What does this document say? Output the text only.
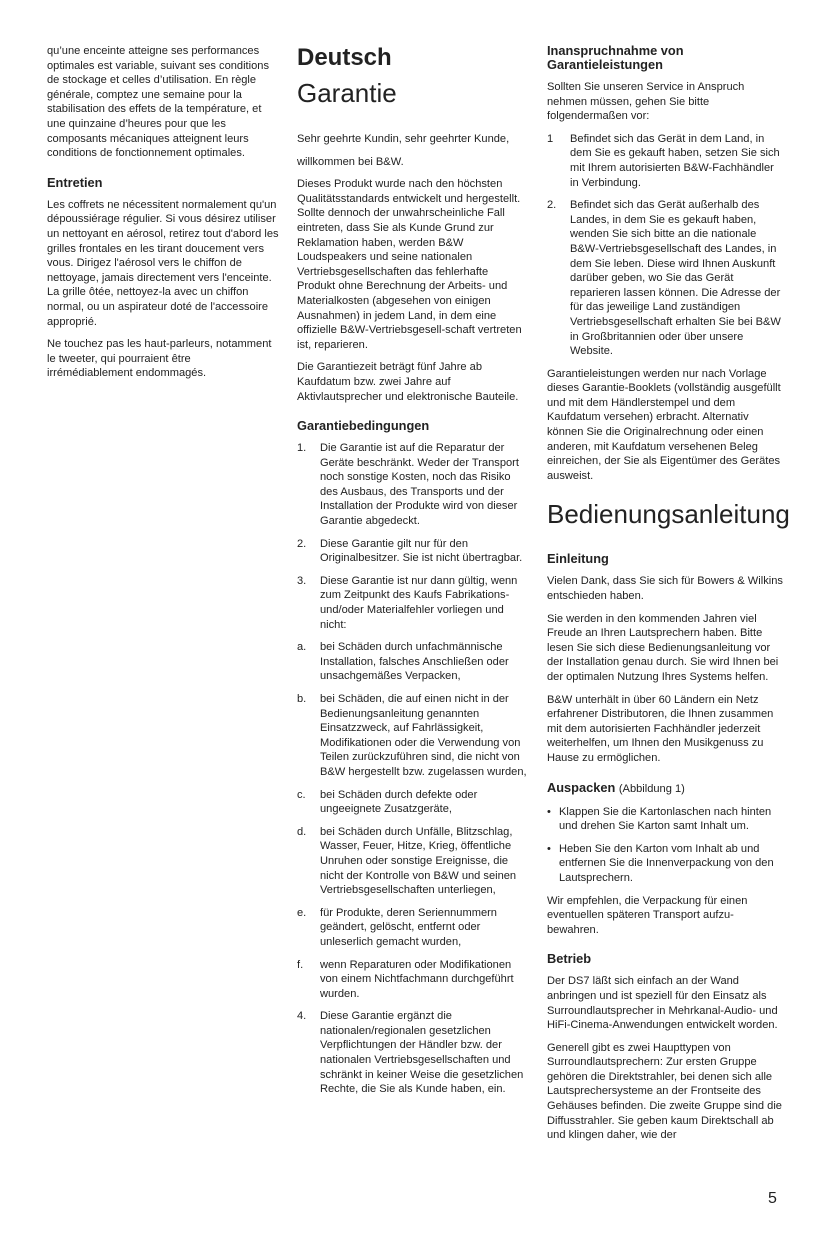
qu’une enceinte atteigne ses performances optimales est variable, suivant ses conditions de stockage et celles d’utilisation. En règle générale, comptez une semaine pour la stabilisation des effets de la température, et une quinzaine d’heures pour que les composants mécaniques atteignent leurs conditions de fonctionnement optimales.

Entretien

Les coffrets ne nécessitent normalement qu'un dépoussiérage régulier. Si vous désirez utiliser un nettoyant en aérosol, retirez tout d'abord les grilles frontales en les tirant doucement vers vous. Dirigez l'aérosol vers le chiffon de nettoyage, jamais directement vers l'enceinte. La grille ôtée, nettoyez-la avec un chiffon normal, ou un aspirateur doté de l'accessoire approprié.

Ne touchez pas les haut-parleurs, notamment le tweeter, qui pourraient être irrémédiablement endommagés.

Deutsch
Garantie

Sehr geehrte Kundin, sehr geehrter Kunde,

willkommen bei B&W.

Dieses Produkt wurde nach den höchsten Qualitätsstandards entwickelt und hergestellt. Sollte dennoch der unwahrscheinliche Fall eintreten, dass Sie als Kunde Grund zur Reklamation haben, werden B&W Loudspeakers und seine nationalen Vertriebsgesellschaften das fehlerhafte Produkt ohne Berechnung der Arbeits- und Materialkosten (abgesehen von einigen Ausnahmen) in jedem Land, in dem eine offizielle B&W-Vertriebsgesell-schaft vertreten ist, reparieren.

Die Garantiezeit beträgt fünf Jahre ab Kaufdatum bzw. zwei Jahre auf Aktivlautsprecher und elektronische Bauteile.

Garantiebedingungen
1.	Die Garantie ist auf die Reparatur der Geräte beschränkt. Weder der Transport noch sonstige Kosten, noch das Risiko des Ausbaus, des Transports und der Installation der Produkte wird von dieser Garantie abgedeckt.
2.	Diese Garantie gilt nur für den Originalbesitzer. Sie ist nicht übertragbar.
3.	Diese Garantie ist nur dann gültig, wenn zum Zeitpunkt des Kaufs Fabrikations- und/oder Materialfehler vorliegen und nicht:
a.	bei Schäden durch unfachmännische Installation, falsches Anschließen oder unsachgemäßes Verpacken,
b.	bei Schäden, die auf einen nicht in der Bedienungsanleitung genannten Einsatzzweck, auf Fahrlässigkeit, Modifikationen oder die Verwendung von Teilen zurückzuführen sind, die nicht von B&W hergestellt bzw. zugelassen wurden,
c.	bei Schäden durch defekte oder ungeeignete Zusatzgeräte,
d.	bei Schäden durch Unfälle, Blitzschlag, Wasser, Feuer, Hitze, Krieg, öffentliche Unruhen oder sonstige Ereignisse, die nicht der Kontrolle von B&W und seinen Vertriebsgesellschaften unterliegen,
e.	für Produkte, deren Seriennummern geändert, gelöscht, entfernt oder unleserlich gemacht wurden,
f.	wenn Reparaturen oder Modifikationen von einem Nichtfachmann durchgeführt wurden.
4.	Diese Garantie ergänzt die nationalen/regionalen gesetzlichen Verpflichtungen der Händler bzw. der nationalen Vertriebsgesellschaften und schränkt in keiner Weise die gesetzlichen Rechte, die Sie als Kunde haben, ein.
Inanspruchnahme von Garantieleistungen

Sollten Sie unseren Service in Anspruch nehmen müssen, gehen Sie bitte folgendermaßen vor:

1	Befindet sich das Gerät in dem Land, in dem Sie es gekauft haben, setzen Sie sich mit Ihrem autorisierten B&W-Fachhändler in Verbindung.
2.	Befindet sich das Gerät außerhalb des Landes, in dem Sie es gekauft haben, wenden Sie sich bitte an die nationale B&W-Vertriebsgesellschaft des Landes, in dem Sie leben. Diese wird Ihnen Auskunft darüber geben, wo Sie das Gerät reparieren lassen können. Die Adresse der für das jeweilige Land zuständigen Vertriebsgesellschaft erhalten Sie bei B&W in Großbritannien oder über unsere Website.

Garantieleistungen werden nur nach Vorlage dieses Garantie-Booklets (vollständig ausgefüllt und mit dem Händlerstempel und dem Kaufdatum versehen) erbracht. Alternativ können Sie die Originalrechnung oder einen anderen, mit Kaufdatum versehenen Beleg einreichen, der Sie als Eigentümer des Gerätes ausweist.

Bedienungsanleitung
Einleitung

Vielen Dank, dass Sie sich für Bowers & Wilkins entschieden haben.

Sie werden in den kommenden Jahren viel Freude an Ihren Lautsprechern haben. Bitte lesen Sie sich diese Bedienungsanleitung vor der Installation genau durch. Sie wird Ihnen bei der optimalen Nutzung Ihres Systems helfen.

B&W unterhält in über 60 Ländern ein Netz erfahrener Distributoren, die Ihnen zusammen mit dem autorisierten Fachhändler jederzeit weiterhelfen, um Ihnen den Musikgenuss zu Hause zu ermöglichen.

Auspacken (Abbildung 1)
• Klappen Sie die Kartonlaschen nach hinten und drehen Sie Karton samt Inhalt um.
• Heben Sie den Karton vom Inhalt ab und entfernen Sie die Innenverpackung von den Lautsprechern.

Wir empfehlen, die Verpackung für einen eventuellen späteren Transport aufzu-bewahren.

Betrieb

Der DS7 läßt sich einfach an der Wand anbringen und ist speziell für den Einsatz als Surroundlautsprecher in Mehrkanal-Audio- und HiFi-Cinema-Anwendungen entwickelt worden.

Generell gibt es zwei Haupttypen von Surroundlautsprechern: Zur ersten Gruppe gehören die Direktstrahler, bei denen sich alle Lautsprechersysteme an der Frontseite des Gehäuses befinden. Die zweite Gruppe sind die Diffusstrahler. Sie geben kaum Direktschall ab und klingen daher, wie der

5
